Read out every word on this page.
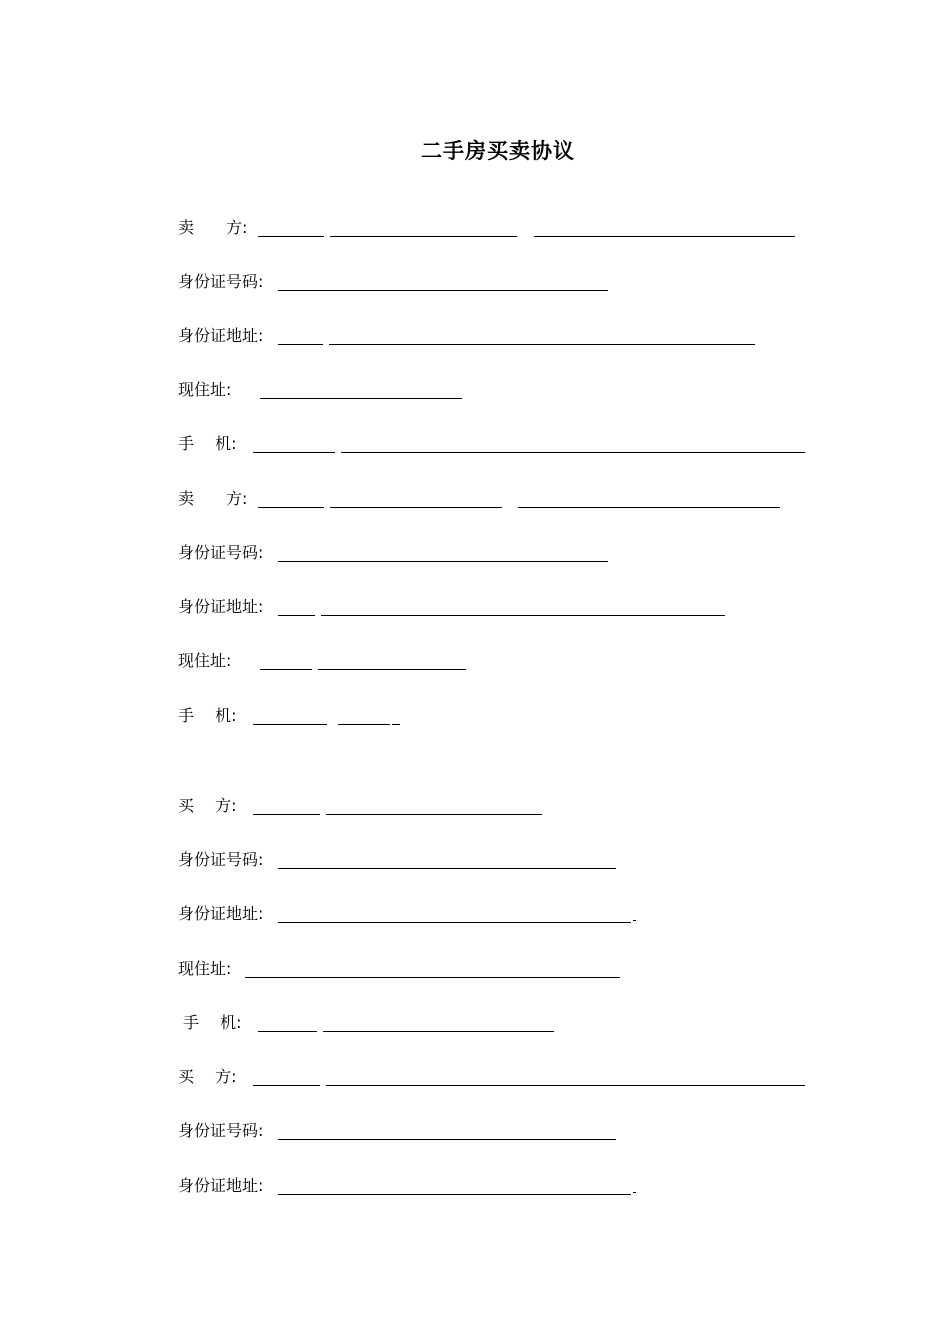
二手房买卖协议
卖　　方:
身份证号码:
身份证地址:
现住址:
手　 机:
卖　　方:
身份证号码:
身份证地址:
现住址:
手　 机:
买　 方:
身份证号码:
身份证地址:
现住址:
手　 机:
买　 方:
身份证号码:
身份证地址:
